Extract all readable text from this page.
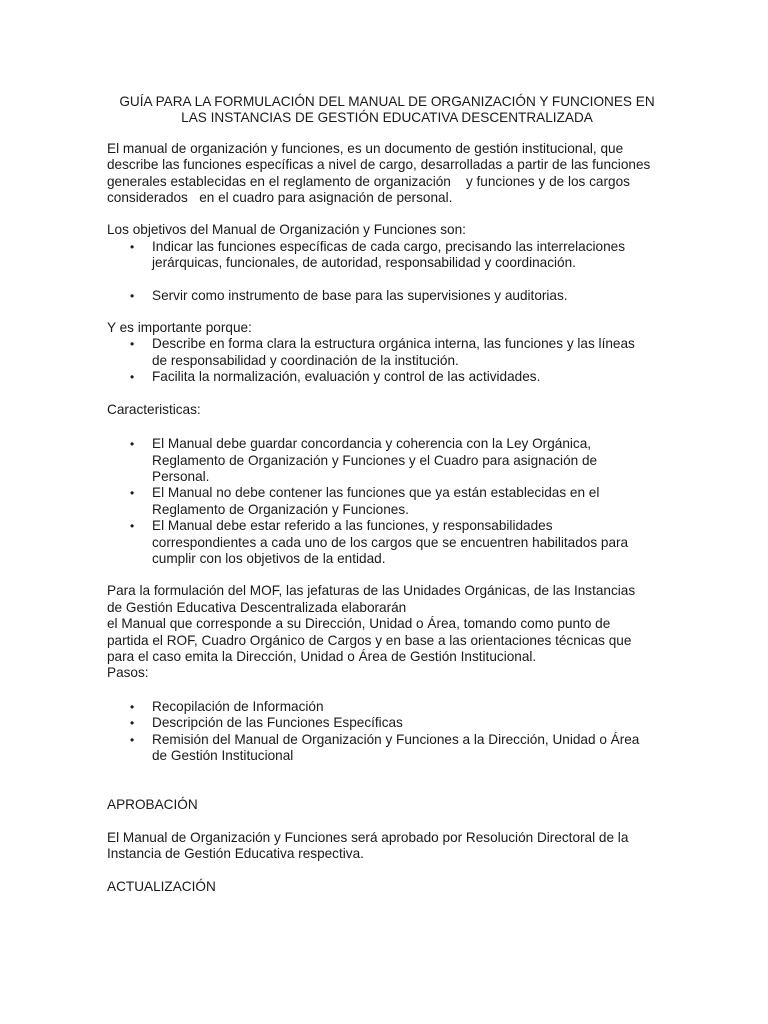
GUÍA PARA LA FORMULACIÓN DEL MANUAL DE ORGANIZACIÓN Y FUNCIONES EN
LAS INSTANCIAS DE GESTIÓN EDUCATIVA DESCENTRALIZADA

El manual de organización y funciones, es un documento de gestión institucional, que
describe las funciones específicas a nivel de cargo, desarrolladas a partir de las funciones
generales establecidas en el reglamento de organización    y funciones y de los cargos
considerados   en el cuadro para asignación de personal.

Los objetivos del Manual de Organización y Funciones son:

• Indicar las funciones específicas de cada cargo, precisando las interrelaciones
jerárquicas, funcionales, de autoridad, responsabilidad y coordinación.
• Servir como instrumento de base para las supervisiones y auditorias.

Y es importante porque:

• Describe en forma clara la estructura orgánica interna, las funciones y las líneas
de responsabilidad y coordinación de la institución.
• Facilita la normalización, evaluación y control de las actividades.

Caracteristicas:

• El Manual debe guardar concordancia y coherencia con la Ley Orgánica,
Reglamento de Organización y Funciones y el Cuadro para asignación de
Personal.
• El Manual no debe contener las funciones que ya están establecidas en el
Reglamento de Organización y Funciones.
• El Manual debe estar referido a las funciones, y responsabilidades
correspondientes a cada uno de los cargos que se encuentren habilitados para
cumplir con los objetivos de la entidad.

Para la formulación del MOF, las jefaturas de las Unidades Orgánicas, de las Instancias
de Gestión Educativa Descentralizada elaborarán
el Manual que corresponde a su Dirección, Unidad o Área, tomando como punto de
partida el ROF, Cuadro Orgánico de Cargos y en base a las orientaciones técnicas que
para el caso emita la Dirección, Unidad o Área de Gestión Institucional.
Pasos:

• Recopilación de Información
• Descripción de las Funciones Específicas
• Remisión del Manual de Organización y Funciones a la Dirección, Unidad o Área
de Gestión Institucional

APROBACIÓN

El Manual de Organización y Funciones será aprobado por Resolución Directoral de la
Instancia de Gestión Educativa respectiva.

ACTUALIZACIÓN
